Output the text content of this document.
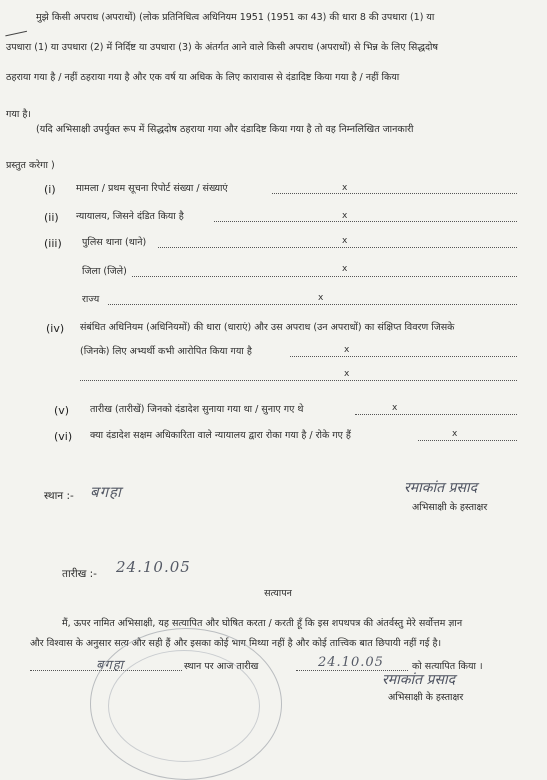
मुझे किसी अपराध (अपराधों) (लोक प्रतिनिधित्व अधिनियम 1951 (1951 का 43) की धारा 8 की उपधारा (1) या
उपधारा (1) या उपधारा (2) में निर्दिष्ट या उपधारा (3) के अंतर्गत आने वाले किसी अपराध (अपराधों) से भिन्न के लिए सिद्धदोष
ठहराया गया है / नहीं ठहराया गया है और एक वर्ष या अधिक के लिए कारावास से दंडादिष्ट किया गया है / नहीं किया
गया है।
(यदि अभिसाक्षी उपर्युक्त रूप में सिद्धदोष ठहराया गया और दंडादिष्ट किया गया है तो वह निम्नलिखित जानकारी
प्रस्तुत करेगा )
(i) मामला / प्रथम सूचना रिपोर्ट संख्या / संख्याएं	x
(ii) न्यायालय, जिसने दंडित किया है	x
(iii) पुलिस थाना (थाने)	x
जिला (जिले)	x
राज्य	x
(iv) संबंधित अधिनियम (अधिनियमों) की धारा (धाराएं) और उस अपराध (उन अपराधों) का संक्षिप्त विवरण जिसके
(जिनके) लिए अभ्यर्थी कभी आरोपित किया गया है	x
x
(v) तारीख (तारीखें) जिनको दंडादेश सुनाया गया था / सुनाए गए थे	x
(vi) क्या दंडादेश सक्षम अधिकारिता वाले न्यायालय द्वारा रोका गया है / रोके गए हैं	x
स्थान :- बगहा	रमाकांत प्रसाद
अभिसाक्षी के हस्ताक्षर
तारीख :- 24.10.05
सत्यापन
मैं, ऊपर नामित अभिसाक्षी, यह सत्यापित और घोषित करता / करती हूँ कि इस शपथपत्र की अंतर्वस्तु मेरे सर्वोत्तम ज्ञान
और विश्वास के अनुसार सत्य और सही हैं और इसका कोई भाग मिथ्या नहीं है और कोई तात्त्विक बात छिपायी नहीं गई है।
बगहा	स्थान पर आज तारीख	24.10.05	को सत्यापित किया ।
रमाकांत प्रसाद
अभिसाक्षी के हस्ताक्षर
